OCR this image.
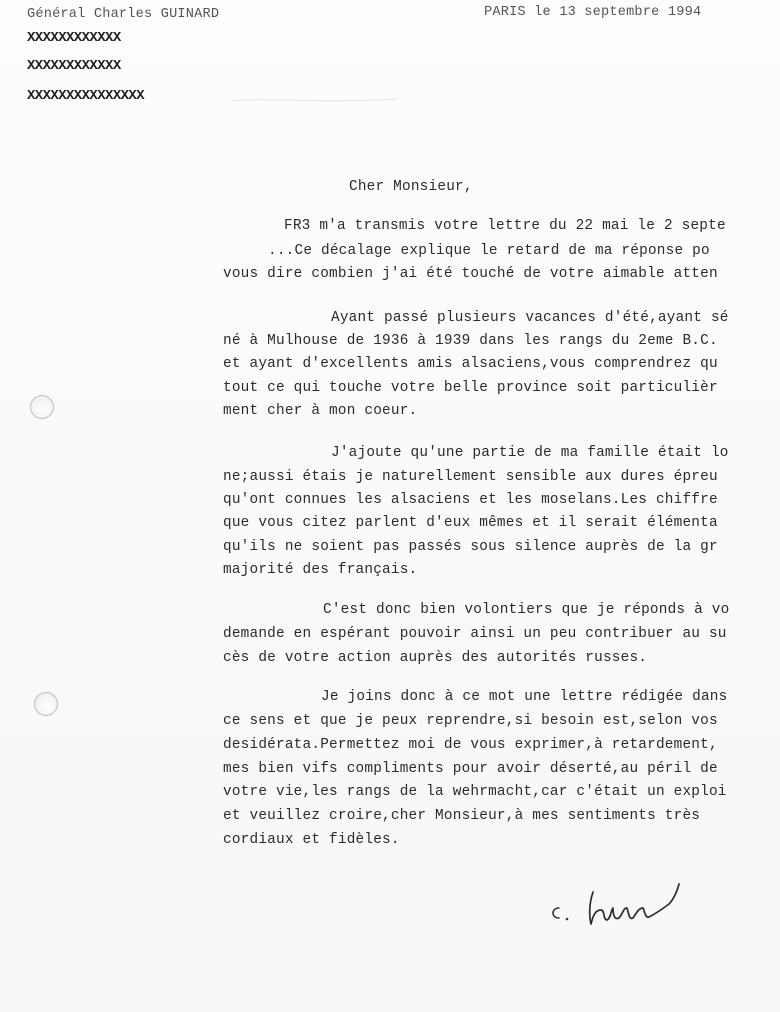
Général Charles GUINARD	PARIS le 13 septembre 1994
XXXXXXXXXXXX
XXXXXXXXXXXX
XXXXXXXXXXXXXXX
Cher Monsieur,
FR3 m'a transmis votre lettre du 22 mai le 2 septe
...Ce décalage explique le retard de ma réponse po
vous dire combien j'ai été touché de votre aimable atten
Ayant passé plusieurs vacances d'été,ayant sé
né à Mulhouse de 1936 à 1939 dans les rangs du 2eme B.C.
et ayant d'excellents amis alsaciens,vous comprendrez qu
tout ce qui touche votre belle province soit particulièr
ment cher à mon coeur.
J'ajoute qu'une partie de ma famille était lo
ne;aussi étais je naturellement sensible aux dures épreu
qu'ont connues les alsaciens et les moselans.Les chiffre
que vous citez parlent d'eux mêmes et il serait élémenta
qu'ils ne soient pas passés sous silence auprès de la gr
majorité des français.
C'est donc bien volontiers que je réponds à vo
demande en espérant pouvoir ainsi un peu contribuer au su
cès de votre action auprès des autorités russes.
Je joins donc à ce mot une lettre rédigée dans
ce sens et que je peux reprendre,si besoin est,selon vos
desidérata.Permettez moi de vous exprimer,à retardement,
mes bien vifs compliments pour avoir déserté,au péril de
votre vie,les rangs de la wehrmacht,car c'était un exploi
et veuillez croire,cher Monsieur,à mes sentiments très
cordiaux et fidèles.
